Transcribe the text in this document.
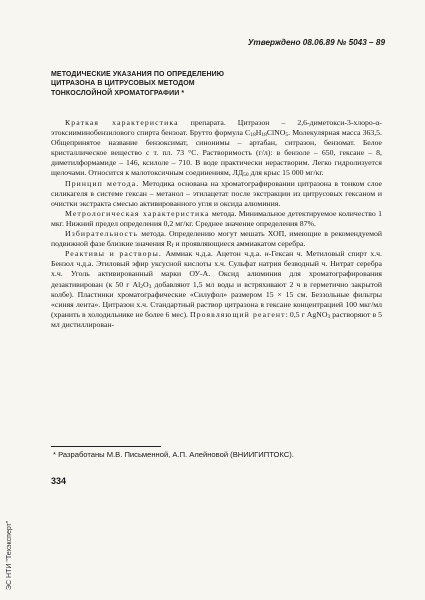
Утверждено 08.06.89 № 5043 – 89
МЕТОДИЧЕСКИЕ УКАЗАНИЯ ПО ОПРЕДЕЛЕНИЮ
ЦИТРАЗОНА В ЦИТРУСОВЫХ МЕТОДОМ
ТОНКОСЛОЙНОЙ ХРОМАТОГРАФИИ *

Краткая характеристика препарата. Цитразон – 2,6-диметокси-3-хлоро-α-этоксииминобензилового спирта бензоат. Брутто формула $C_{18}H_{18}ClNO_5$. Молекулярная масса 363,5. Общепринятое название бензоксимат, синонимы – артабан, ситразон, бензомат. Белое кристаллическое вещество с т. пл. 73 °С. Растворимость (г/л): в бензоле – 650, гексане – 8, диметилформамиде – 146, ксилоле – 710. В воде практически нерастворим. Легко гидролизуется щелочами. Относится к малотоксичным соединениям, $ЛД_{50}$ для крыс 15 000 мг/кг.

Принцип метода. Методика основана на хроматографировании цитразона в тонком слое силикагеля в системе гексан – метанол – этилацетат после экстракции из цитрусовых гексаном и очистки экстракта смесью активированного угля и оксида алюминия.

Метрологическая характеристика метода. Минимальное детектируемое количество 1 мкг. Нижний предел определения 0,2 мг/кг. Среднее значение определения 87%.

Избирательность метода. Определению могут мешать ХОП, имеющие в рекомендуемой подвижной фазе близкие значения $R_f$ и проявляющиеся аммиакатом серебра.

Реактивы и растворы. Аммиак ч.д.а. Ацетон ч.д.а. н-Гексан ч. Метиловый спирт х.ч. Бензол ч.д.а. Этиловый эфир уксусной кислоты х.ч. Сульфат натрия безводный ч. Нитрат серебра х.ч. Уголь активированный марки ОУ-А. Оксид алюминия для хроматографирования дезактивирован (к 50 г $Al_2O_3$ добавляют 1,5 мл воды и встряхивают 2 ч в герметично закрытой колбе). Пластинки хроматографические «Силуфол» размером 15 × 15 см. Беззольные фильтры «синяя лента». Цитразон х.ч. Стандартный раствор цитразона в гексане концентрацией 100 мкг/мл (хранить в холодильнике не более 6 мес). Проявляющий реагент: 0,5 г AgNO$_3$ растворяют в 5 мл дистиллирован-

* Разработаны М.В. Письменной, А.П. Алейновой (ВНИИГИПТОКС).
334
ЭС НТИ "Техэксперт"
